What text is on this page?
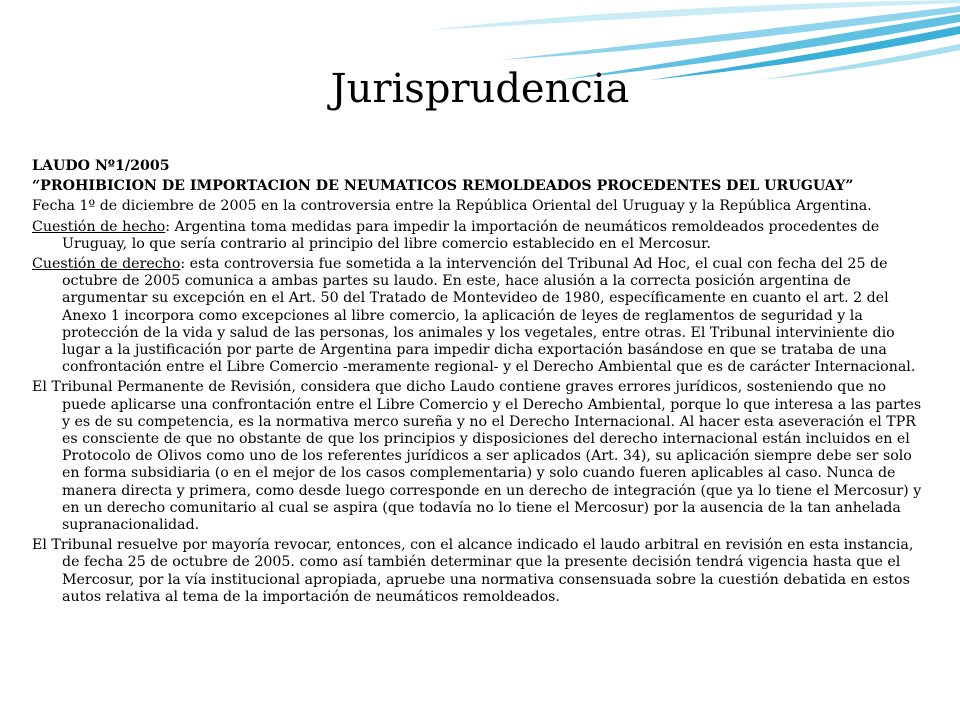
Jurisprudencia

LAUDO Nº1/2005

“PROHIBICION DE IMPORTACION DE NEUMATICOS REMOLDEADOS PROCEDENTES DEL URUGUAY”

Fecha 1º de diciembre de 2005 en la controversia entre la República Oriental del Uruguay y la República Argentina.

Cuestión de hecho: Argentina toma medidas para impedir la importación de neumáticos remoldeados procedentes de Uruguay, lo que sería contrario al principio del libre comercio establecido en el Mercosur.

Cuestión de derecho: esta controversia fue sometida a la intervención del Tribunal Ad Hoc, el cual con fecha del 25 de octubre de 2005 comunica a ambas partes su laudo. En este, hace alusión a la correcta posición argentina de argumentar su excepción en el Art. 50 del Tratado de Montevideo de 1980, específicamente en cuanto el art. 2 del Anexo 1 incorpora como excepciones al libre comercio, la aplicación de leyes de reglamentos de seguridad y la protección de la vida y salud de las personas, los animales y los vegetales, entre otras. El Tribunal interviniente dio lugar a la justificación por parte de Argentina para impedir dicha exportación basándose en que se trataba de una confrontación entre el Libre Comercio -meramente regional- y el Derecho Ambiental que es de carácter Internacional.

El Tribunal Permanente de Revisión, considera que dicho Laudo contiene graves errores jurídicos, sosteniendo que no puede aplicarse una confrontación entre el Libre Comercio y el Derecho Ambiental, porque lo que interesa a las partes y es de su competencia, es la normativa merco sureña y no el Derecho Internacional. Al hacer esta aseveración el TPR es consciente de que no obstante de que los principios y disposiciones del derecho internacional están incluidos en el Protocolo de Olivos como uno de los referentes jurídicos a ser aplicados (Art. 34), su aplicación siempre debe ser solo en forma subsidiaria (o en el mejor de los casos complementaria) y solo cuando fueren aplicables al caso. Nunca de manera directa y primera, como desde luego corresponde en un derecho de integración (que ya lo tiene el Mercosur) y en un derecho comunitario al cual se aspira (que todavía no lo tiene el Mercosur) por la ausencia de la tan anhelada supranacionalidad.

El Tribunal resuelve por mayoría revocar, entonces, con el alcance indicado el laudo arbitral en revisión en esta instancia, de fecha 25 de octubre de 2005. como así también determinar que la presente decisión tendrá vigencia hasta que el Mercosur, por la vía institucional apropiada, apruebe una normativa consensuada sobre la cuestión debatida en estos autos relativa al tema de la importación de neumáticos remoldeados.
